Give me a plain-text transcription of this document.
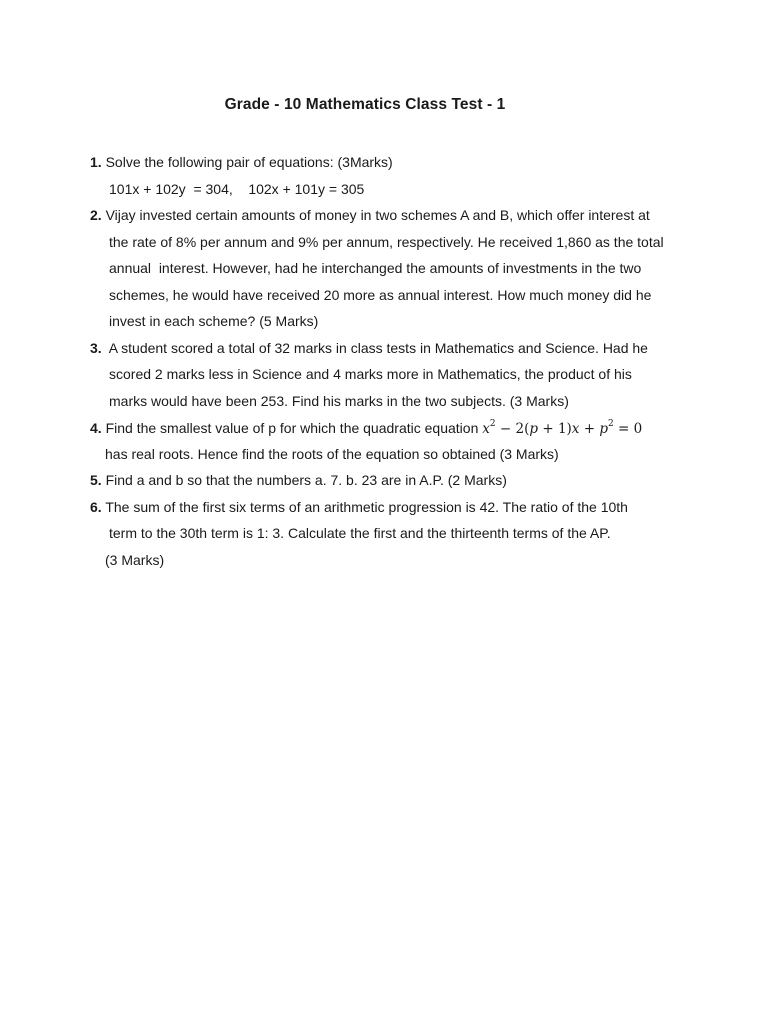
Grade - 10 Mathematics Class Test - 1
1. Solve the following pair of equations: (3Marks)
101x + 102y  = 304,    102x + 101y = 305
2. Vijay invested certain amounts of money in two schemes A and B, which offer interest at
the rate of 8% per annum and 9% per annum, respectively. He received 1,860 as the total
annual  interest. However, had he interchanged the amounts of investments in the two
schemes, he would have received 20 more as annual interest. How much money did he
invest in each scheme? (5 Marks)
3.  A student scored a total of 32 marks in class tests in Mathematics and Science. Had he
scored 2 marks less in Science and 4 marks more in Mathematics, the product of his
marks would have been 253. Find his marks in the two subjects. (3 Marks)
4. Find the smallest value of p for which the quadratic equation $x^2 - 2(p + 1)x + p^2 = 0$
has real roots. Hence find the roots of the equation so obtained (3 Marks)
5. Find a and b so that the numbers a. 7. b. 23 are in A.P. (2 Marks)
6. The sum of the first six terms of an arithmetic progression is 42. The ratio of the 10th
term to the 30th term is 1: 3. Calculate the first and the thirteenth terms of the AP.
(3 Marks)
